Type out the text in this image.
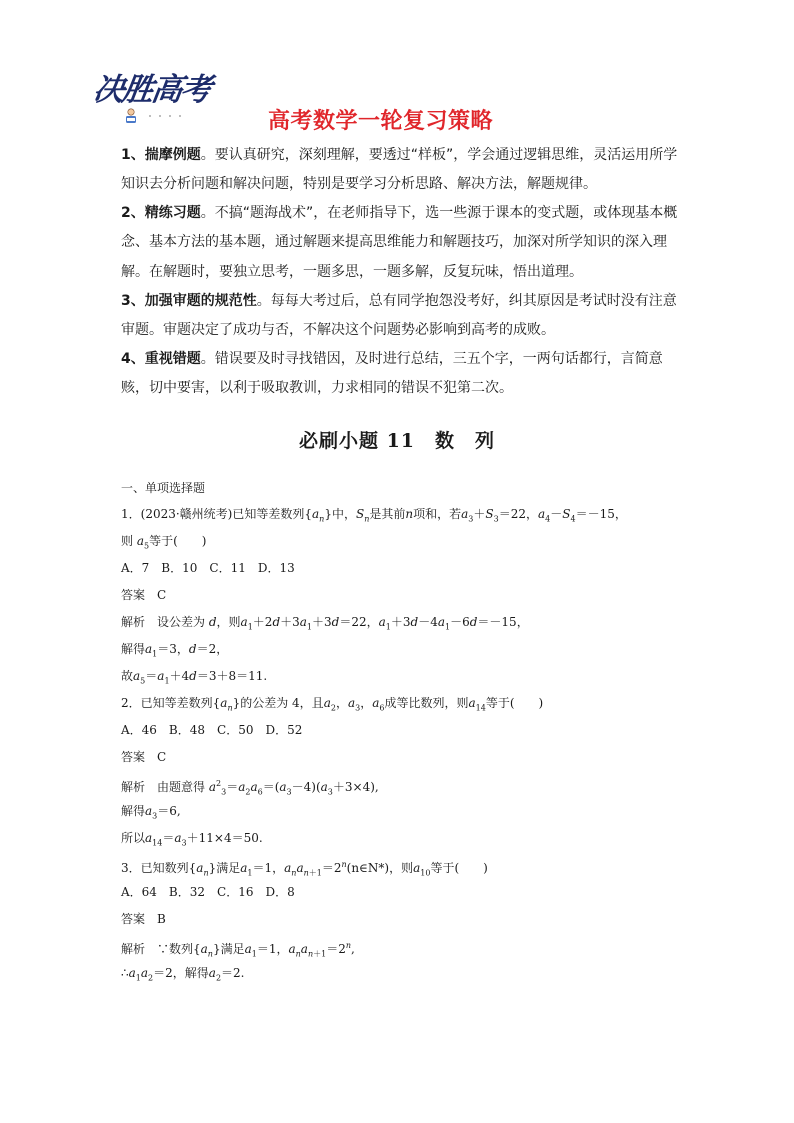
决胜高考
高考数学一轮复习策略
1、揣摩例题。要认真研究，深刻理解，要透过“样板”，学会通过逻辑思维，灵活运用所学知识去分析问题和解决问题，特别是要学习分析思路、解决方法，解题规律。
2、精练习题。不搞“题海战术”，在老师指导下，选一些源于课本的变式题，或体现基本概念、基本方法的基本题，通过解题来提高思维能力和解题技巧，加深对所学知识的深入理解。在解题时，要独立思考，一题多思，一题多解，反复玩味，悟出道理。
3、加强审题的规范性。每每大考过后，总有同学抱怨没考好，纠其原因是考试时没有注意审题。审题决定了成功与否，不解决这个问题势必影响到高考的成败。
4、重视错题。错误要及时寻找错因，及时进行总结，三五个字，一两句话都行，言简意赅，切中要害，以利于吸取教训，力求相同的错误不犯第二次。
必刷小题 11　数　列
一、单项选择题
1．(2023·赣州统考)已知等差数列$\{a_n\}$中，$S_n$是其前n项和，若$a_3+S_3=22$，$a_4-S_4=-15$，
则 $a_5$等于(　　)
A．7　B．10　C．11　D．13
答案　C
解析　设公差为 d，则$a_1+2d+3a_1+3d=22$，$a_1+3d-4a_1-6d=-15$，
解得$a_1=3$，d＝2，
故$a_5=a_1+4d=3+8=11$.
2．已知等差数列$\{a_n\}$的公差为 4，且$a_2$，$a_3$，$a_6$成等比数列，则$a_{14}$等于(　　)
A．46　B．48　C．50　D．52
答案　C
解析　由题意得 $a^2_3=a_2a_6=(a_3-4)(a_3+3\times 4)$,
解得$a_3=6$,
所以$a_{14}=a_3+11\times 4=50$.
3．已知数列$\{a_n\}$满足$a_1=1$，$a_na_{n+1}=2^n(n\in N*)$，则$a_{10}$等于(　　)
A．64　B．32　C．16　D．8
答案　B
解析　∵数列$\{a_n\}$满足$a_1=1$，$a_na_{n+1}=2^n$,
$\therefore a_1a_2=2$，解得$a_2=2$.
